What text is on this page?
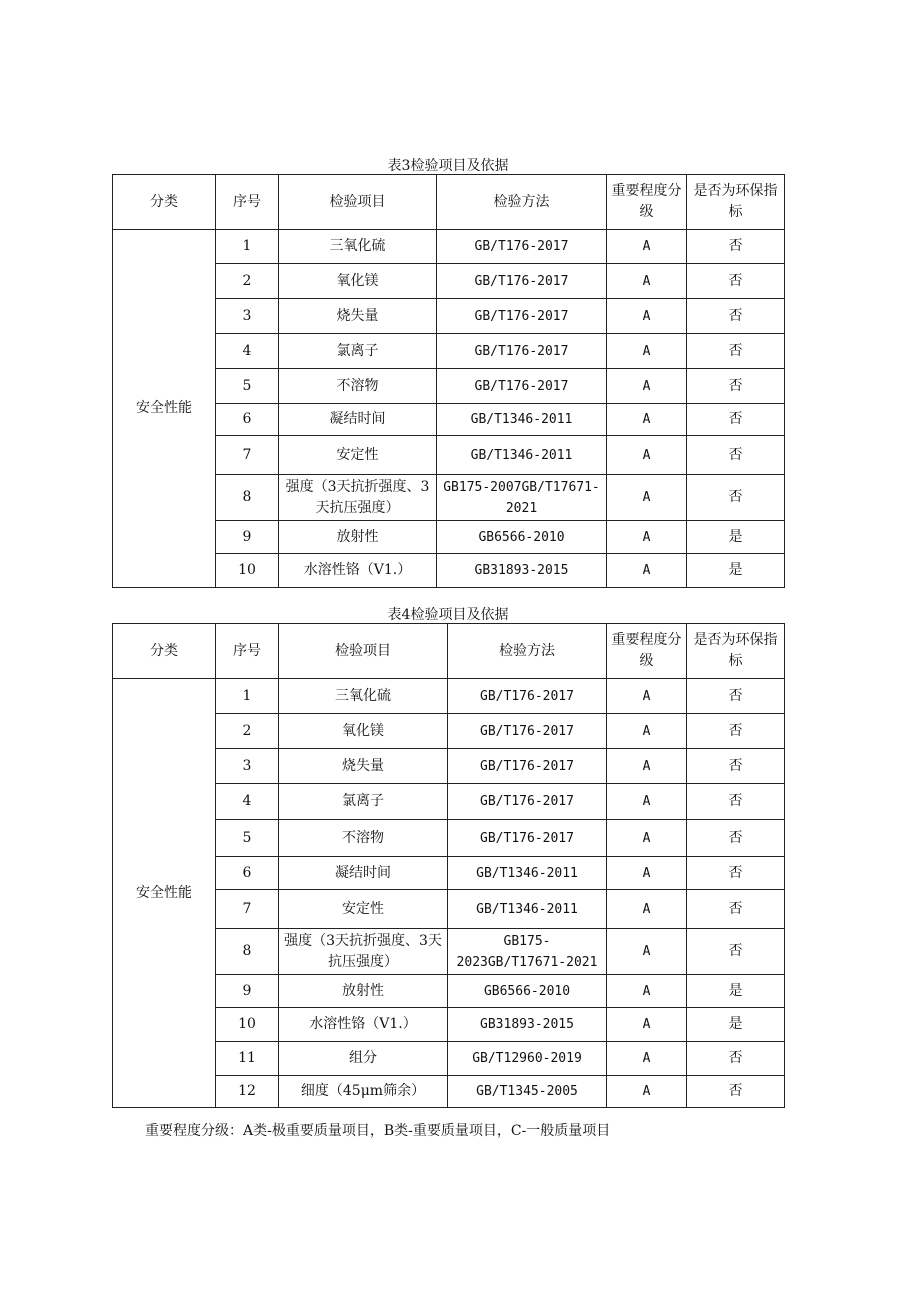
表3检验项目及依据
分类	序号	检验项目	检验方法	重要程度分级	是否为环保指标
安全性能	1	三氧化硫	GB/T176-2017	A	否
	2	氧化镁	GB/T176-2017	A	否
	3	烧失量	GB/T176-2017	A	否
	4	氯离子	GB/T176-2017	A	否
	5	不溶物	GB/T176-2017	A	否
	6	凝结时间	GB/T1346-2011	A	否
	7	安定性	GB/T1346-2011	A	否
	8	强度（3天抗折强度、3天抗压强度）	GB175-2007GB/T17671-2021	A	否
	9	放射性	GB6566-2010	A	是
	10	水溶性铬（V1.）	GB31893-2015	A	是
表4检验项目及依据
分类	序号	检验项目	检验方法	重要程度分级	是否为环保指标
安全性能	1	三氧化硫	GB/T176-2017	A	否
	2	氧化镁	GB/T176-2017	A	否
	3	烧失量	GB/T176-2017	A	否
	4	氯离子	GB/T176-2017	A	否
	5	不溶物	GB/T176-2017	A	否
	6	凝结时间	GB/T1346-2011	A	否
	7	安定性	GB/T1346-2011	A	否
	8	强度（3天抗折强度、3天抗压强度）	GB175-2023GB/T17671-2021	A	否
	9	放射性	GB6566-2010	A	是
	10	水溶性铬（V1.）	GB31893-2015	A	是
	11	组分	GB/T12960-2019	A	否
	12	细度（45μm筛余）	GB/T1345-2005	A	否
重要程度分级：A类-极重要质量项目，B类-重要质量项目，C-一般质量项目
